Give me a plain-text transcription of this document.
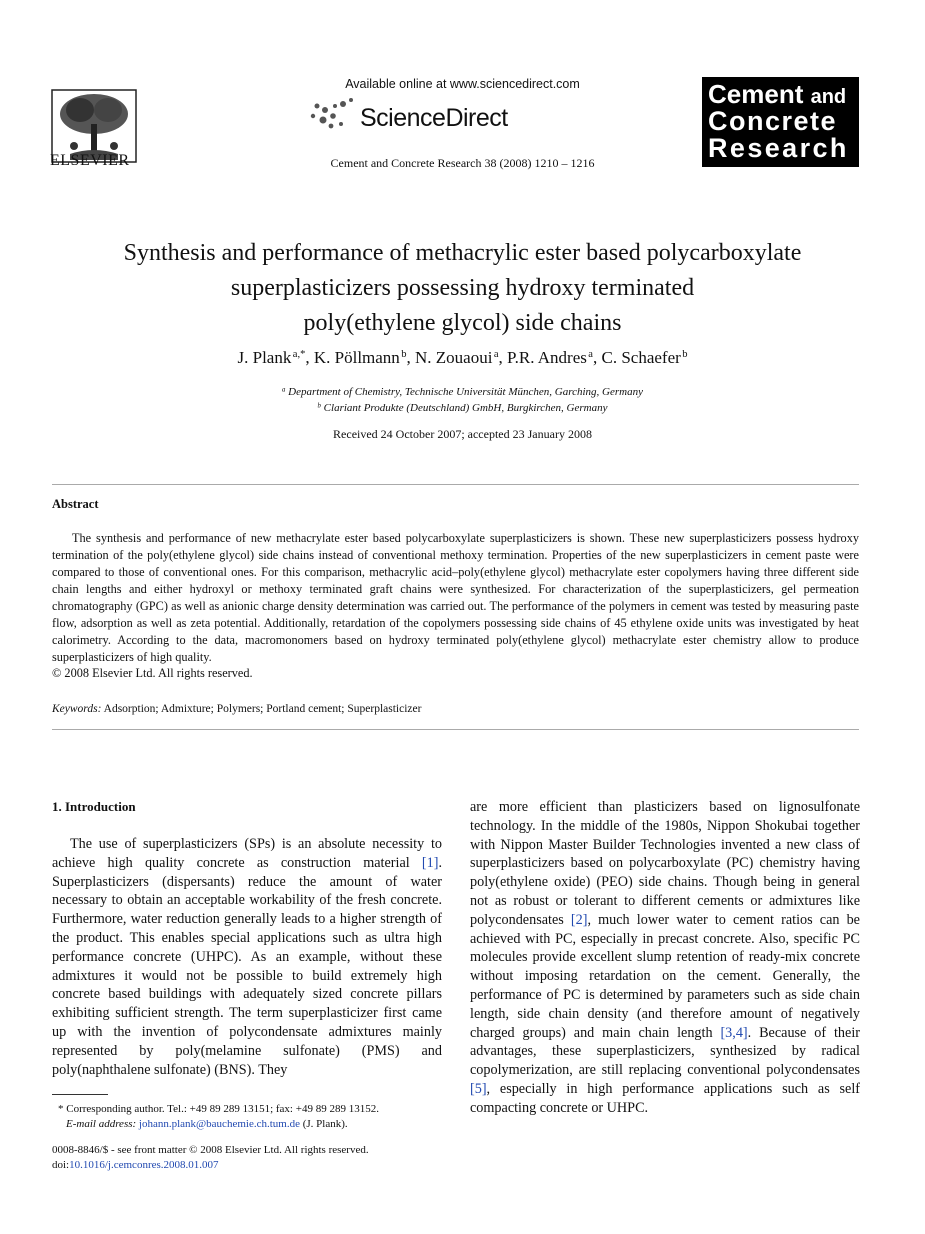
ELSEVIER
Available online at www.sciencedirect.com
ScienceDirect
Cement and Concrete Research 38 (2008) 1210 – 1216
Cement and
Concrete
Research
Synthesis and performance of methacrylic ester based polycarboxylate
superplasticizers possessing hydroxy terminated
poly(ethylene glycol) side chains
J. Plank $^{a,*}$, K. Pöllmann $^b$, N. Zouaoui $^a$, P.R. Andres $^a$, C. Schaefer $^b$
$^a$ Department of Chemistry, Technische Universität München, Garching, Germany
$^b$ Clariant Produkte (Deutschland) GmbH, Burgkirchen, Germany
Received 24 October 2007; accepted 23 January 2008
Abstract
The synthesis and performance of new methacrylate ester based polycarboxylate superplasticizers is shown. These new superplasticizers possess hydroxy termination of the poly(ethylene glycol) side chains instead of conventional methoxy termination. Properties of the new superplasticizers in cement paste were compared to those of conventional ones. For this comparison, methacrylic acid–poly(ethylene glycol) methacrylate ester copolymers having three different side chain lengths and either hydroxyl or methoxy terminated graft chains were synthesized. For characterization of the superplasticizers, gel permeation chromatography (GPC) as well as anionic charge density determination was carried out. The performance of the polymers in cement was tested by measuring paste flow, adsorption as well as zeta potential. Additionally, retardation of the copolymers possessing side chains of 45 ethylene oxide units was investigated by heat calorimetry. According to the data, macromonomers based on hydroxy terminated poly(ethylene glycol) methacrylate ester chemistry allow to produce superplasticizers of high quality.
© 2008 Elsevier Ltd. All rights reserved.
Keywords: Adsorption; Admixture; Polymers; Portland cement; Superplasticizer
1. Introduction
The use of superplasticizers (SPs) is an absolute necessity to achieve high quality concrete as construction material [1]. Superplasticizers (dispersants) reduce the amount of water necessary to obtain an acceptable workability of the fresh concrete. Furthermore, water reduction generally leads to a higher strength of the product. This enables special applications such as ultra high performance concrete (UHPC). As an example, without these admixtures it would not be possible to build extremely high concrete based buildings with adequately sized concrete pillars exhibiting sufficient strength. The term superplasticizer first came up with the invention of polycondensate admixtures mainly represented by poly(melamine sulfonate) (PMS) and poly(naphthalene sulfonate) (BNS). They
are more efficient than plasticizers based on lignosulfonate technology. In the middle of the 1980s, Nippon Shokubai together with Nippon Master Builder Technologies invented a new class of superplasticizers based on polycarboxylate (PC) chemistry having poly(ethylene oxide) (PEO) side chains. Though being in general not as robust or tolerant to different cements or admixtures like polycondensates [2], much lower water to cement ratios can be achieved with PC, especially in precast concrete. Also, specific PC molecules provide excellent slump retention of ready-mix concrete without imposing retardation on the cement. Generally, the performance of PC is determined by parameters such as side chain length, side chain density (and therefore amount of negatively charged groups) and main chain length [3,4]. Because of their advantages, these superplasticizers, synthesized by radical copolymerization, are still replacing conventional polycondensates [5], especially in high performance applications such as self compacting concrete or UHPC.
* Corresponding author. Tel.: +49 89 289 13151; fax: +49 89 289 13152.
E-mail address: johann.plank@bauchemie.ch.tum.de (J. Plank).
0008-8846/$ - see front matter © 2008 Elsevier Ltd. All rights reserved.
doi:10.1016/j.cemconres.2008.01.007
